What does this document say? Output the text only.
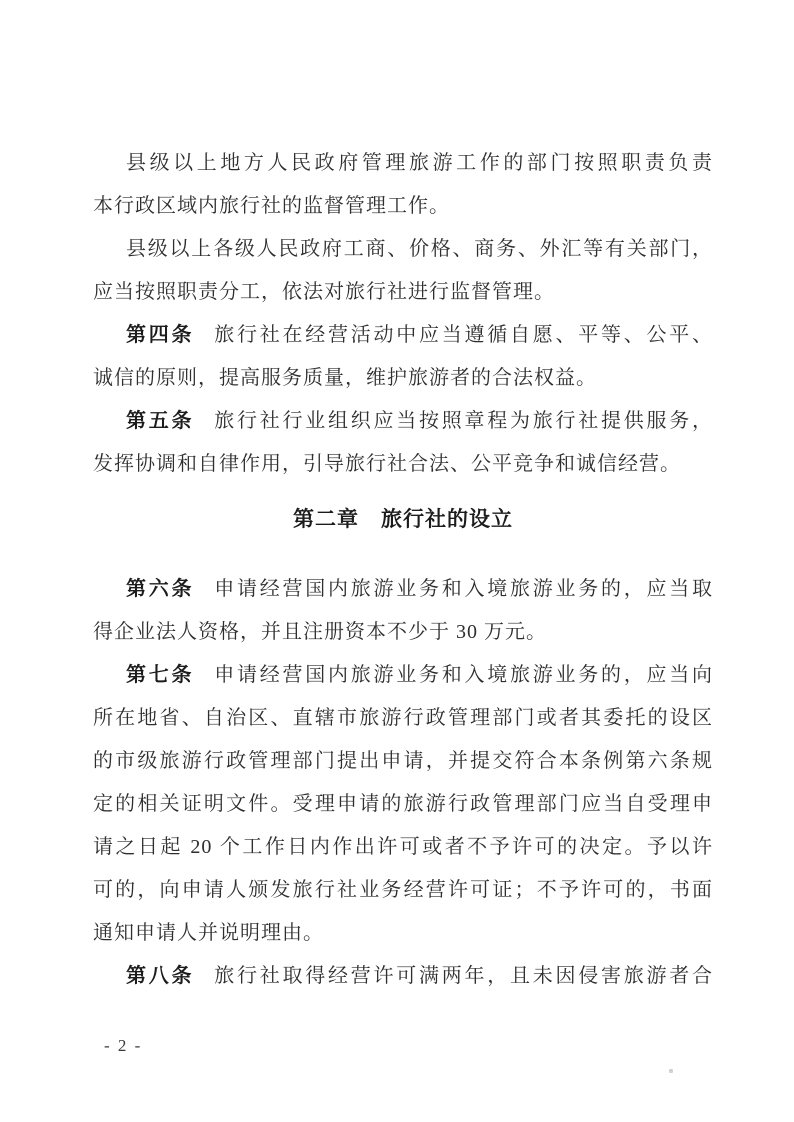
县级以上地方人民政府管理旅游工作的部门按照职责负责
本行政区域内旅行社的监督管理工作。
县级以上各级人民政府工商、价格、商务、外汇等有关部门，
应当按照职责分工，依法对旅行社进行监督管理。
第四条 旅行社在经营活动中应当遵循自愿、平等、公平、
诚信的原则，提高服务质量，维护旅游者的合法权益。
第五条 旅行社行业组织应当按照章程为旅行社提供服务，
发挥协调和自律作用，引导旅行社合法、公平竞争和诚信经营。
第二章　旅行社的设立
第六条 申请经营国内旅游业务和入境旅游业务的，应当取
得企业法人资格，并且注册资本不少于 30 万元。
第七条 申请经营国内旅游业务和入境旅游业务的，应当向
所在地省、自治区、直辖市旅游行政管理部门或者其委托的设区
的市级旅游行政管理部门提出申请，并提交符合本条例第六条规
定的相关证明文件。受理申请的旅游行政管理部门应当自受理申
请之日起 20 个工作日内作出许可或者不予许可的决定。予以许
可的，向申请人颁发旅行社业务经营许可证；不予许可的，书面
通知申请人并说明理由。
第八条 旅行社取得经营许可满两年，且未因侵害旅游者合
- 2 -
